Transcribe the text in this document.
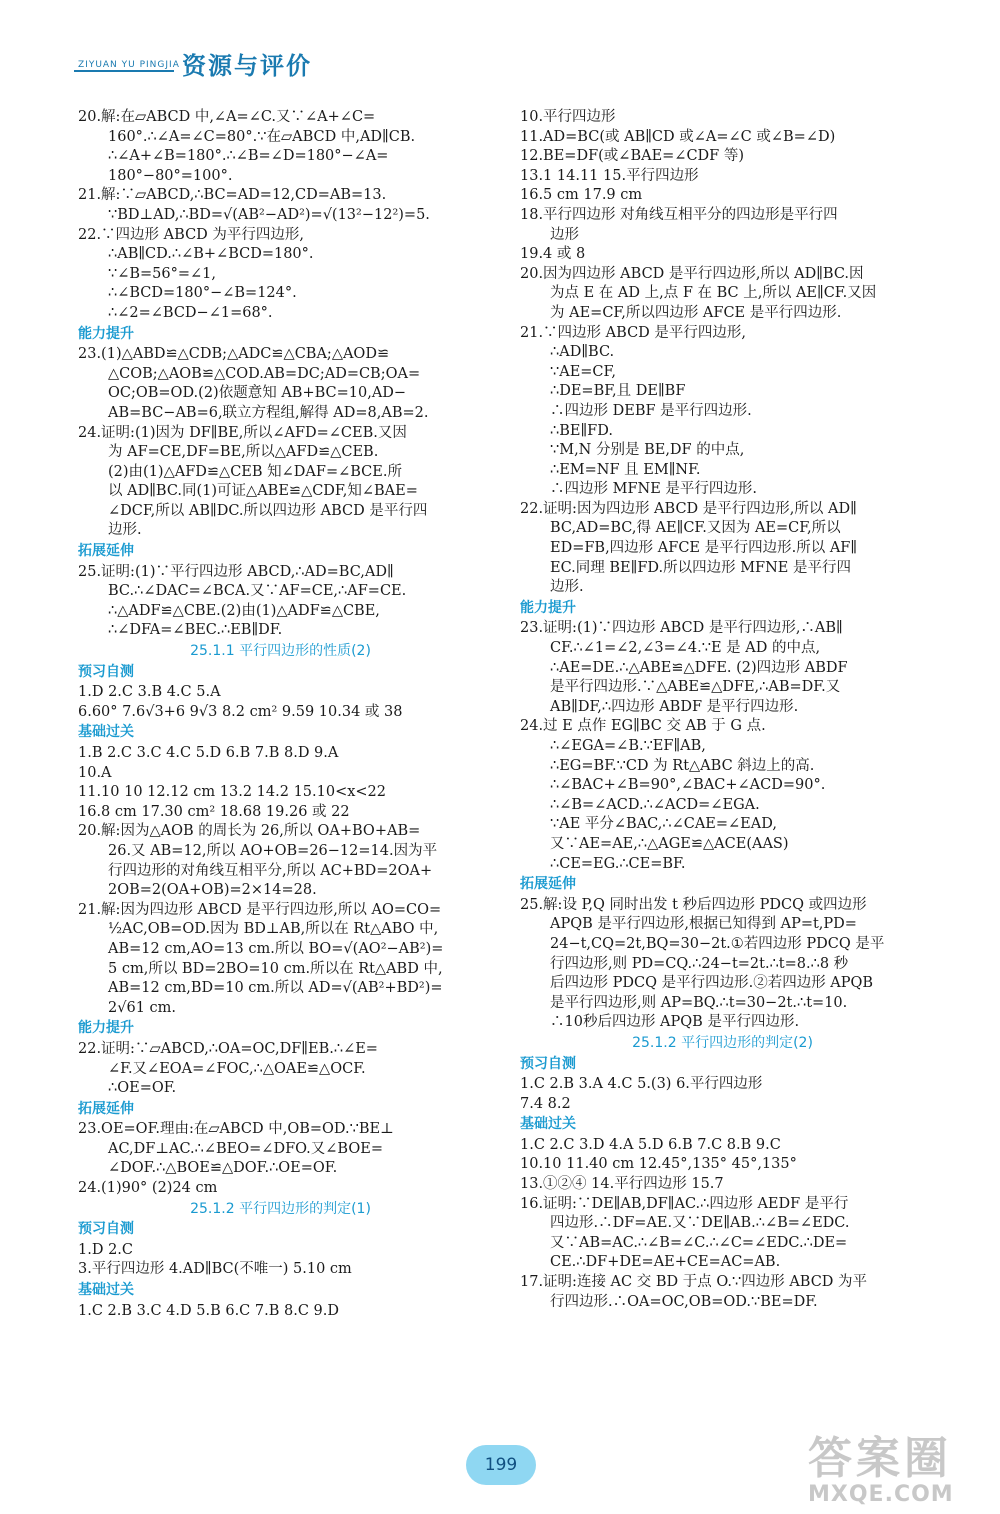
ZIYUAN YU PINGJIA 资源与评价
20.解:在▱ABCD 中,∠A=∠C.又∵∠A+∠C=
160°.∴∠A=∠C=80°.∵在▱ABCD 中,AD∥CB.
∴∠A+∠B=180°.∴∠B=∠D=180°−∠A=
180°−80°=100°.
21.解:∵▱ABCD,∴BC=AD=12,CD=AB=13.
∵BD⊥AD,∴BD=√(AB²−AD²)=√(13²−12²)=5.
22.∵四边形 ABCD 为平行四边形,
∴AB∥CD.∴∠B+∠BCD=180°.
∵∠B=56°=∠1,
∴∠BCD=180°−∠B=124°.
∴∠2=∠BCD−∠1=68°.
能力提升
23.(1)△ABD≌△CDB;△ADC≌△CBA;△AOD≌
△COB;△AOB≌△COD.AB=DC;AD=CB;OA=
OC;OB=OD.(2)依题意知 AB+BC=10,AD−
AB=BC−AB=6,联立方程组,解得 AD=8,AB=2.
24.证明:(1)因为 DF∥BE,所以∠AFD=∠CEB.又因
为 AF=CE,DF=BE,所以△AFD≌△CEB.
(2)由(1)△AFD≌△CEB 知∠DAF=∠BCE.所
以 AD∥BC.同(1)可证△ABE≌△CDF,知∠BAE=
∠DCF,所以 AB∥DC.所以四边形 ABCD 是平行四
边形.
拓展延伸
25.证明:(1)∵平行四边形 ABCD,∴AD=BC,AD∥
BC.∴∠DAC=∠BCA.又∵AF=CE,∴AF=CE.
∴△ADF≌△CBE.(2)由(1)△ADF≌△CBE,
∴∠DFA=∠BEC.∴EB∥DF.
25.1.1 平行四边形的性质(2)
预习自测
1.D 2.C 3.B 4.C 5.A
6.60° 7.6√3+6 9√3 8.2 cm² 9.59 10.34 或 38
基础过关
1.B 2.C 3.C 4.C 5.D 6.B 7.B 8.D 9.A
10.A
11.10 10 12.12 cm 13.2 14.2 15.10<x<22
16.8 cm 17.30 cm² 18.68 19.26 或 22
20.解:因为△AOB 的周长为 26,所以 OA+BO+AB=
26.又 AB=12,所以 AO+OB=26−12=14.因为平
行四边形的对角线互相平分,所以 AC+BD=2OA+
2OB=2(OA+OB)=2×14=28.
21.解:因为四边形 ABCD 是平行四边形,所以 AO=CO=
½AC,OB=OD.因为 BD⊥AB,所以在 Rt△ABO 中,
AB=12 cm,AO=13 cm.所以 BO=√(AO²−AB²)=
5 cm,所以 BD=2BO=10 cm.所以在 Rt△ABD 中,
AB=12 cm,BD=10 cm.所以 AD=√(AB²+BD²)=
2√61 cm.
能力提升
22.证明:∵▱ABCD,∴OA=OC,DF∥EB.∴∠E=
∠F.又∠EOA=∠FOC,∴△OAE≌△OCF.
∴OE=OF.
拓展延伸
23.OE=OF.理由:在▱ABCD 中,OB=OD.∵BE⊥
AC,DF⊥AC.∴∠BEO=∠DFO.又∠BOE=
∠DOF.∴△BOE≌△DOF.∴OE=OF.
24.(1)90° (2)24 cm
25.1.2 平行四边形的判定(1)
预习自测
1.D 2.C
3.平行四边形 4.AD∥BC(不唯一) 5.10 cm
基础过关
1.C 2.B 3.C 4.D 5.B 6.C 7.B 8.C 9.D
10.平行四边形
11.AD=BC(或 AB∥CD 或∠A=∠C 或∠B=∠D)
12.BE=DF(或∠BAE=∠CDF 等)
13.1 14.11 15.平行四边形
16.5 cm 17.9 cm
18.平行四边形 对角线互相平分的四边形是平行四
边形
19.4 或 8
20.因为四边形 ABCD 是平行四边形,所以 AD∥BC.因
为点 E 在 AD 上,点 F 在 BC 上,所以 AE∥CF.又因
为 AE=CF,所以四边形 AFCE 是平行四边形.
21.∵四边形 ABCD 是平行四边形,
∴AD∥BC.
∵AE=CF,
∴DE=BF,且 DE∥BF
∴四边形 DEBF 是平行四边形.
∴BE∥FD.
∵M,N 分别是 BE,DF 的中点,
∴EM=NF 且 EM∥NF.
∴四边形 MFNE 是平行四边形.
22.证明:因为四边形 ABCD 是平行四边形,所以 AD∥
BC,AD=BC,得 AE∥CF.又因为 AE=CF,所以
ED=FB,四边形 AFCE 是平行四边形.所以 AF∥
EC.同理 BE∥FD.所以四边形 MFNE 是平行四
边形.
能力提升
23.证明:(1)∵四边形 ABCD 是平行四边形,∴AB∥
CF.∴∠1=∠2,∠3=∠4.∵E 是 AD 的中点,
∴AE=DE.∴△ABE≌△DFE. (2)四边形 ABDF
是平行四边形.∵△ABE≌△DFE,∴AB=DF.又
AB∥DF,∴四边形 ABDF 是平行四边形.
24.过 E 点作 EG∥BC 交 AB 于 G 点.
∴∠EGA=∠B.∵EF∥AB,
∴EG=BF.∵CD 为 Rt△ABC 斜边上的高.
∴∠BAC+∠B=90°,∠BAC+∠ACD=90°.
∴∠B=∠ACD.∴∠ACD=∠EGA.
∵AE 平分∠BAC,∴∠CAE=∠EAD,
又∵AE=AE,∴△AGE≌△ACE(AAS)
∴CE=EG.∴CE=BF.
拓展延伸
25.解:设 P,Q 同时出发 t 秒后四边形 PDCQ 或四边形
APQB 是平行四边形,根据已知得到 AP=t,PD=
24−t,CQ=2t,BQ=30−2t.①若四边形 PDCQ 是平
行四边形,则 PD=CQ.∴24−t=2t.∴t=8.∴8 秒
后四边形 PDCQ 是平行四边形.②若四边形 APQB
是平行四边形,则 AP=BQ.∴t=30−2t.∴t=10.
∴10秒后四边形 APQB 是平行四边形.
25.1.2 平行四边形的判定(2)
预习自测
1.C 2.B 3.A 4.C 5.(3) 6.平行四边形
7.4 8.2
基础过关
1.C 2.C 3.D 4.A 5.D 6.B 7.C 8.B 9.C
10.10 11.40 cm 12.45°,135° 45°,135°
13.①②④ 14.平行四边形 15.7
16.证明:∵DE∥AB,DF∥AC.∴四边形 AEDF 是平行
四边形.∴DF=AE.又∵DE∥AB.∴∠B=∠EDC.
又∵AB=AC.∴∠B=∠C.∴∠C=∠EDC.∴DE=
CE.∴DF+DE=AE+CE=AC=AB.
17.证明:连接 AC 交 BD 于点 O.∵四边形 ABCD 为平
行四边形.∴OA=OC,OB=OD.∵BE=DF.
199	答案圈
MXQE.COM
